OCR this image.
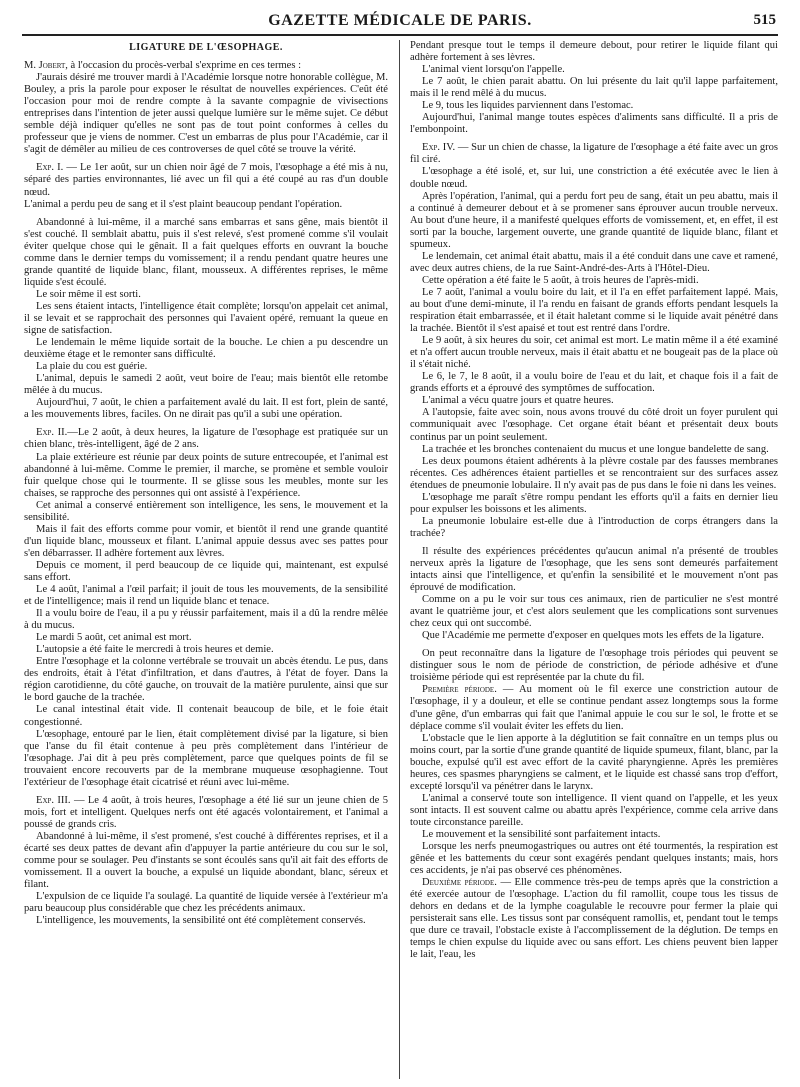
GAZETTE MÉDICALE DE PARIS.	515
LIGATURE DE L'ŒSOPHAGE.

M. Jobert, à l'occasion du procès-verbal s'exprime en ces termes :

J'aurais désiré me trouver mardi à l'Académie lorsque notre honorable collègue, M. Bouley, a pris la parole pour exposer le résultat de nouvelles expériences. C'eût été l'occasion pour moi de rendre compte à la savante compagnie de vivisections entreprises dans l'intention de jeter aussi quelque lumière sur le même sujet. Ce début semble déjà indiquer qu'elles ne sont pas de tout point conformes à celles du professeur que je viens de nommer. C'est un embarras de plus pour l'Académie, car il s'agit de démêler au milieu de ces controverses de quel côté se trouve la vérité.

Exp. I. — Le 1er août, sur un chien noir âgé de 7 mois, l'œsophage a été mis à nu, séparé des parties environnantes, lié avec un fil qui a été coupé au ras d'un double nœud.

L'animal a perdu peu de sang et il s'est plaint beaucoup pendant l'opération.

Abandonné à lui-même, il a marché sans embarras et sans gêne, mais bientôt il s'est couché. Il semblait abattu, puis il s'est relevé, s'est promené comme s'il voulait éviter quelque chose qui le gênait. Il a fait quelques efforts en ouvrant la bouche comme dans le dernier temps du vomissement; il a rendu pendant quatre heures une grande quantité de liquide blanc, filant, mousseux. A différentes reprises, le même liquide s'est écoulé.

Le soir même il est sorti.

Les sens étaient intacts, l'intelligence était complète; lorsqu'on appelait cet animal, il se levait et se rapprochait des personnes qui l'avaient opéré, remuant la queue en signe de satisfaction.

Le lendemain le même liquide sortait de la bouche. Le chien a pu descendre un deuxième étage et le remonter sans difficulté.

La plaie du cou est guérie.

L'animal, depuis le samedi 2 août, veut boire de l'eau; mais bientôt elle retombe mêlée à du mucus.

Aujourd'hui, 7 août, le chien a parfaitement avalé du lait. Il est fort, plein de santé, a les mouvements libres, faciles. On ne dirait pas qu'il a subi une opération.

Exp. II.—Le 2 août, à deux heures, la ligature de l'œsophage est pratiquée sur un chien blanc, très-intelligent, âgé de 2 ans.

La plaie extérieure est réunie par deux points de suture entrecoupée, et l'animal est abandonné à lui-même. Comme le premier, il marche, se promène et semble vouloir fuir quelque chose qui le tourmente. Il se glisse sous les meubles, monte sur les chaises, se rapproche des personnes qui ont assisté à l'expérience.

Cet animal a conservé entièrement son intelligence, les sens, le mouvement et la sensibilité.

Mais il fait des efforts comme pour vomir, et bientôt il rend une grande quantité d'un liquide blanc, mousseux et filant. L'animal appuie dessus avec ses pattes pour s'en débarrasser. Il adhère fortement aux lèvres.

Depuis ce moment, il perd beaucoup de ce liquide qui, maintenant, est expulsé sans effort.

Le 4 août, l'animal a l'œil parfait; il jouit de tous les mouvements, de la sensibilité et de l'intelligence; mais il rend un liquide blanc et tenace.

Il a voulu boire de l'eau, il a pu y réussir parfaitement, mais il a dû la rendre mêlée à du mucus.

Le mardi 5 août, cet animal est mort.

L'autopsie a été faite le mercredi à trois heures et demie.

Entre l'œsophage et la colonne vertébrale se trouvait un abcès étendu. Le pus, dans des endroits, était à l'état d'infiltration, et dans d'autres, à l'état de foyer. Dans la région carotidienne, du côté gauche, on trouvait de la matière purulente, ainsi que sur le bord gauche de la trachée.

Le canal intestinal était vide. Il contenait beaucoup de bile, et le foie était congestionné.

L'œsophage, entouré par le lien, était complètement divisé par la ligature, si bien que l'anse du fil était contenue à peu près complètement dans l'intérieur de l'œsophage. J'ai dit à peu près complètement, parce que quelques points de fil se trouvaient encore recouverts par de la membrane muqueuse œsophagienne. Tout l'extérieur de l'œsophage était cicatrisé et réuni avec lui-même.

Exp. III. — Le 4 août, à trois heures, l'œsophage a été lié sur un jeune chien de 5 mois, fort et intelligent. Quelques nerfs ont été agacés volontairement, et l'animal a poussé de grands cris.

Abandonné à lui-même, il s'est promené, s'est couché à différentes reprises, et il a écarté ses deux pattes de devant afin d'appuyer la partie antérieure du cou sur le sol, comme pour se soulager. Peu d'instants se sont écoulés sans qu'il ait fait des efforts de vomissement. Il a ouvert la bouche, a expulsé un liquide abondant, blanc, séreux et filant.

L'expulsion de ce liquide l'a soulagé. La quantité de liquide versée à l'extérieur m'a paru beaucoup plus considérable que chez les précédents animaux.

L'intelligence, les mouvements, la sensibilité ont été complètement conservés.

Pendant presque tout le temps il demeure debout, pour retirer le liquide filant qui adhère fortement à ses lèvres.

L'animal vient lorsqu'on l'appelle.

Le 7 août, le chien parait abattu. On lui présente du lait qu'il lappe parfaitement, mais il le rend mêlé à du mucus.

Le 9, tous les liquides parviennent dans l'estomac.

Aujourd'hui, l'animal mange toutes espèces d'aliments sans difficulté. Il a pris de l'embonpoint.

Exp. IV. — Sur un chien de chasse, la ligature de l'œsophage a été faite avec un gros fil ciré.

L'œsophage a été isolé, et, sur lui, une constriction a été exécutée avec le lien à double nœud.

Après l'opération, l'animal, qui a perdu fort peu de sang, était un peu abattu, mais il a continué à demeurer debout et à se promener sans éprouver aucun trouble nerveux. Au bout d'une heure, il a manifesté quelques efforts de vomissement, et, en effet, il est sorti par la bouche, largement ouverte, une grande quantité de liquide blanc, filant et spumeux.

Le lendemain, cet animal était abattu, mais il a été conduit dans une cave et ramené, avec deux autres chiens, de la rue Saint-André-des-Arts à l'Hôtel-Dieu.

Cette opération a été faite le 5 août, à trois heures de l'après-midi.

Le 7 août, l'animal a voulu boire du lait, et il l'a en effet parfaitement lappé. Mais, au bout d'une demi-minute, il l'a rendu en faisant de grands efforts pendant lesquels la respiration était embarrassée, et il était haletant comme si le liquide avait pénétré dans la trachée. Bientôt il s'est apaisé et tout est rentré dans l'ordre.

Le 9 août, à six heures du soir, cet animal est mort. Le matin même il a été examiné et n'a offert aucun trouble nerveux, mais il était abattu et ne bougeait pas de la place où il s'était niché.

Le 6, le 7, le 8 août, il a voulu boire de l'eau et du lait, et chaque fois il a fait de grands efforts et a éprouvé des symptômes de suffocation.

L'animal a vécu quatre jours et quatre heures.

A l'autopsie, faite avec soin, nous avons trouvé du côté droit un foyer purulent qui communiquait avec l'œsophage. Cet organe était béant et présentait deux bouts continus par un point seulement.

La trachée et les bronches contenaient du mucus et une longue bandelette de sang.

Les deux poumons étaient adhérents à la plèvre costale par des fausses membranes récentes. Ces adhérences étaient partielles et se rencontraient sur des surfaces assez étendues de pneumonie lobulaire. Il n'y avait pas de pus dans le foie ni dans les veines.

L'œsophage me paraît s'être rompu pendant les efforts qu'il a faits en dernier lieu pour expulser les boissons et les aliments.

La pneumonie lobulaire est-elle due à l'introduction de corps étrangers dans la trachée?

Il résulte des expériences précédentes qu'aucun animal n'a présenté de troubles nerveux après la ligature de l'œsophage, que les sens sont demeurés parfaitement intacts ainsi que l'intelligence, et qu'enfin la sensibilité et le mouvement n'ont pas éprouvé de modification.

Comme on a pu le voir sur tous ces animaux, rien de particulier ne s'est montré avant le quatrième jour, et c'est alors seulement que les complications sont survenues chez ceux qui ont succombé.

Que l'Académie me permette d'exposer en quelques mots les effets de la ligature.

On peut reconnaître dans la ligature de l'œsophage trois périodes qui peuvent se distinguer sous le nom de période de constriction, de période adhésive et d'une troisième période qui est représentée par la chute du fil.

Première période. — Au moment où le fil exerce une constriction autour de l'œsophage, il y a douleur, et elle se continue pendant assez longtemps sous la forme d'une gêne, d'un embarras qui fait que l'animal appuie le cou sur le sol, le frotte et se déplace comme s'il voulait éviter les effets du lien.

L'obstacle que le lien apporte à la déglutition se fait connaître en un temps plus ou moins court, par la sortie d'une grande quantité de liquide spumeux, filant, blanc, par la bouche, expulsé qu'il est avec effort de la cavité pharyngienne. Après les premières heures, ces spasmes pharyngiens se calment, et le liquide est chassé sans trop d'effort, excepté lorsqu'il va pénétrer dans le larynx.

L'animal a conservé toute son intelligence. Il vient quand on l'appelle, et les yeux sont intacts. Il est souvent calme ou abattu après l'expérience, comme cela arrive dans toute circonstance pareille.

Le mouvement et la sensibilité sont parfaitement intacts.

Lorsque les nerfs pneumogastriques ou autres ont été tourmentés, la respiration est gênée et les battements du cœur sont exagérés pendant quelques instants; mais, hors ces accidents, je n'ai pas observé ces phénomènes.

Deuxième période. — Elle commence très-peu de temps après que la constriction a été exercée autour de l'œsophage. L'action du fil ramollit, coupe tous les tissus de dehors en dedans et de la lymphe coagulable le recouvre pour fermer la plaie qui persisterait sans elle. Les tissus sont par conséquent ramollis, et, pendant tout le temps que dure ce travail, l'obstacle existe à l'accomplissement de la déglution. De temps en temps le chien expulse du liquide avec ou sans effort. Les chiens peuvent bien lapper le lait, l'eau, les
